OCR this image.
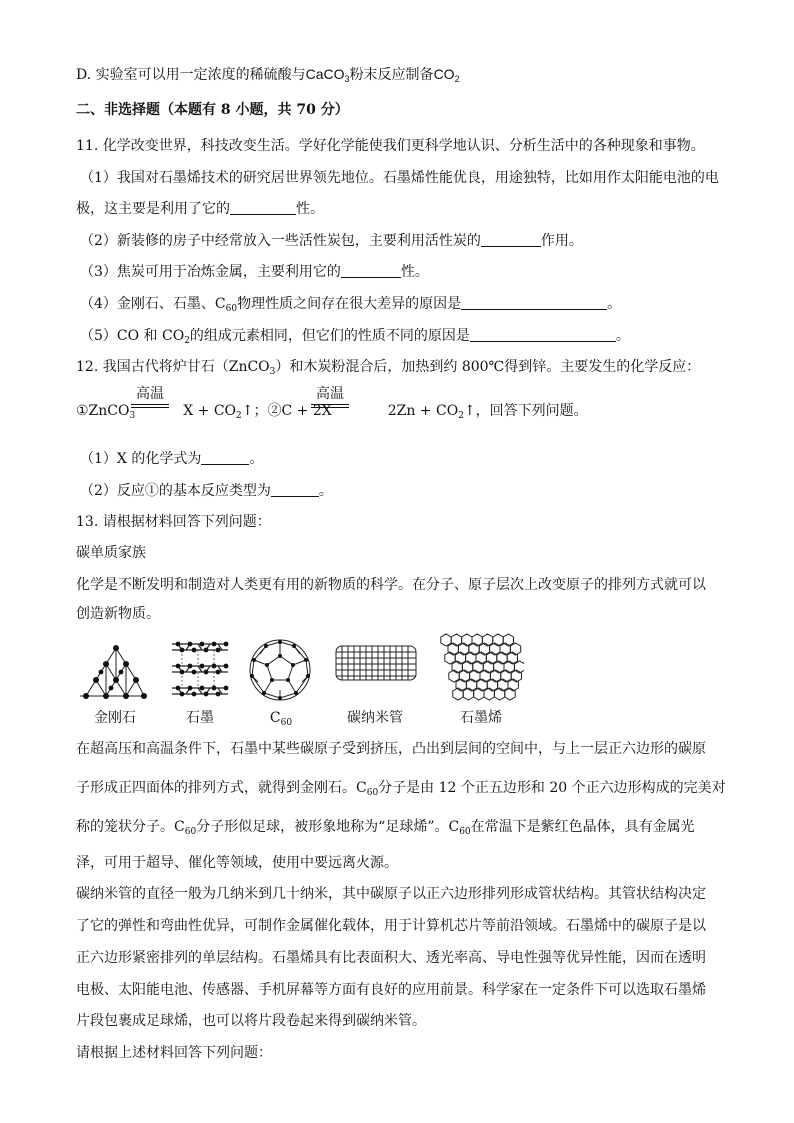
D. 实验室可以用一定浓度的稀硫酸与CaCO$_3$粉末反应制备$CO_2$
二、非选择题（本题有 8 小题，共 70 分）
11. 化学改变世界，科技改变生活。学好化学能使我们更科学地认识、分析生活中的各种现象和事物。
（1）我国对石墨烯技术的研究居世界领先地位。石墨烯性能优良，用途独特，比如用作太阳能电池的电
极，这主要是利用了它的	性。
（2）新装修的房子中经常放入一些活性炭包，主要利用活性炭的	作用。
（3）焦炭可用于冶炼金属，主要利用它的	性。
（4）金刚石、石墨、$C_{60}$物理性质之间存在很大差异的原因是	。
（5）CO 和 $CO_2$的组成元素相同，但它们的性质不同的原因是	。
12. 我国古代将炉甘石（ZnCO$_3$）和木炭粉混合后，加热到约 800℃得到锌。主要发生的化学反应：
①ZnCO$_3$	$X + CO_2↑$；②C + 2X	$2Zn + CO_2↑$，回答下列问题。
高温	高温
（1）X 的化学式为	。
（2）反应①的基本反应类型为	。
13. 请根据材料回答下列问题：
碳单质家族
化学是不断发明和制造对人类更有用的新物质的科学。在分子、原子层次上改变原子的排列方式就可以
创造新物质。
金刚石	石墨	$C_{60}$	碳纳米管	石墨烯
在超高压和高温条件下，石墨中某些碳原子受到挤压，凸出到层间的空间中，与上一层正六边形的碳原
子形成正四面体的排列方式，就得到金刚石。$C_{60}$分子是由 12 个正五边形和 20 个正六边形构成的完美对
称的笼状分子。$C_{60}$分子形似足球，被形象地称为“足球烯”。$C_{60}$在常温下是紫红色晶体，具有金属光
泽，可用于超导、催化等领域，使用中要远离火源。
碳纳米管的直径一般为几纳米到几十纳米，其中碳原子以正六边形排列形成管状结构。其管状结构决定
了它的弹性和弯曲性优异，可制作金属催化载体，用于计算机芯片等前沿领域。石墨烯中的碳原子是以
正六边形紧密排列的单层结构。石墨烯具有比表面积大、透光率高、导电性强等优异性能，因而在透明
电极、太阳能电池、传感器、手机屏幕等方面有良好的应用前景。科学家在一定条件下可以选取石墨烯
片段包裹成足球烯，也可以将片段卷起来得到碳纳米管。
请根据上述材料回答下列问题：
